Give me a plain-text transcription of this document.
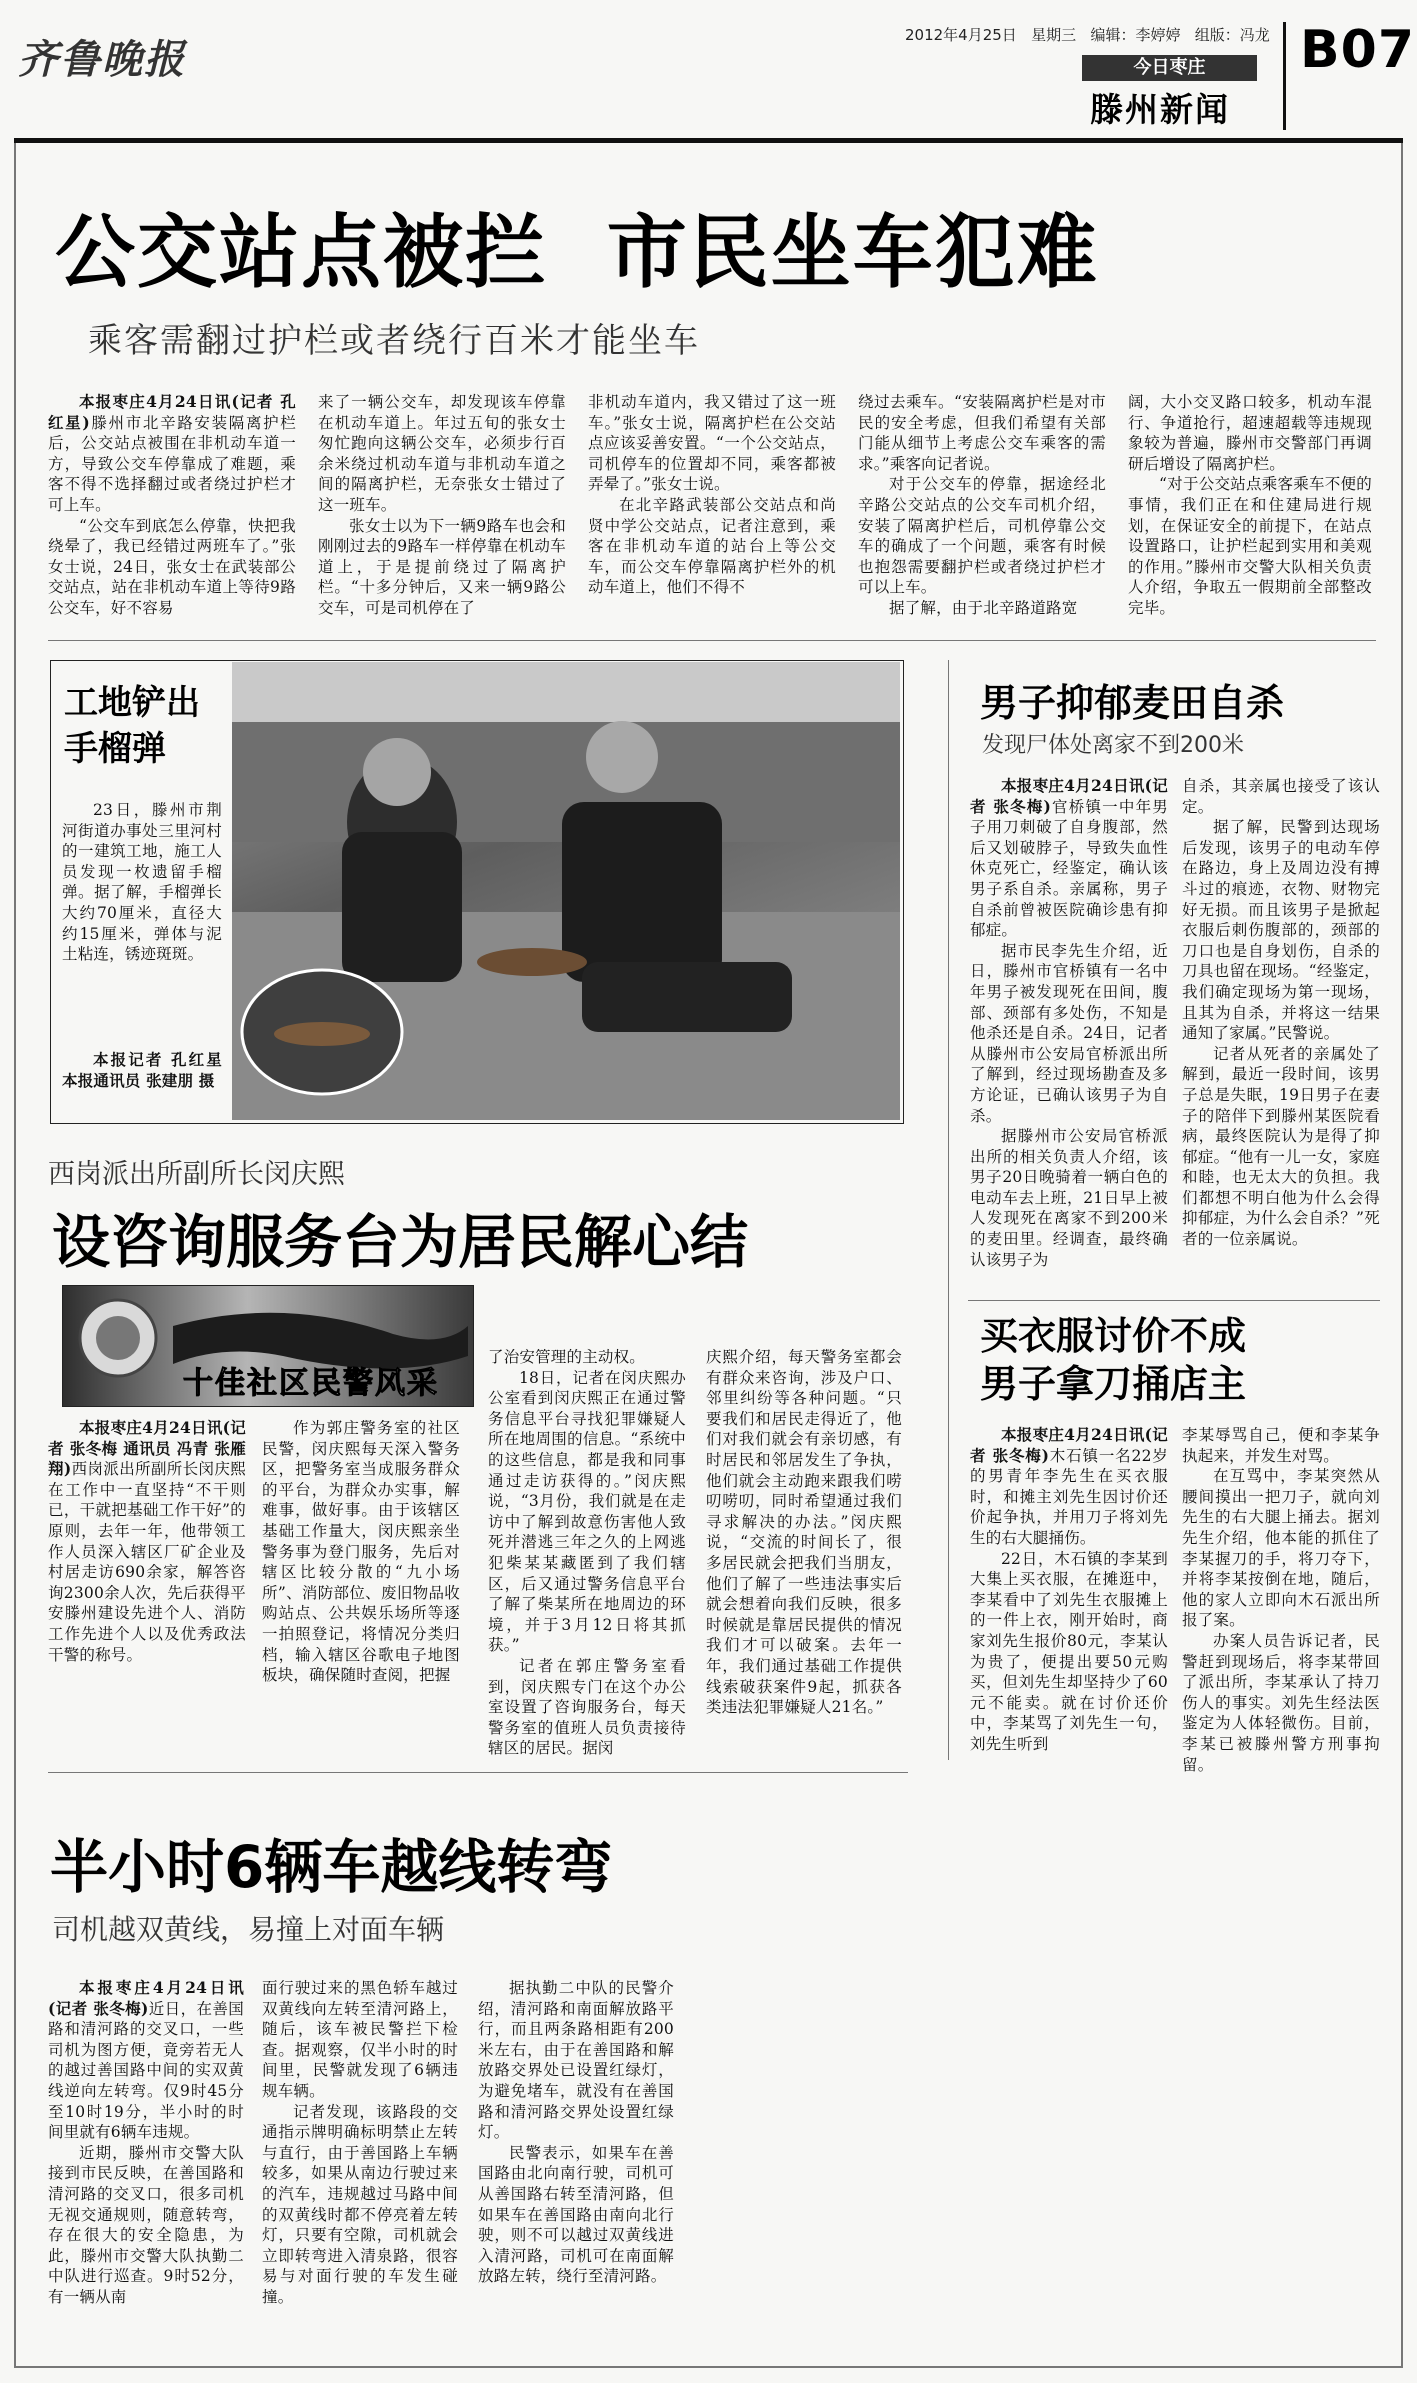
齐鲁晚报
2012年4月25日 星期三 编辑：李婷婷 组版：冯龙
今日枣庄
滕州新闻
B07
公交站点被拦  市民坐车犯难
乘客需翻过护栏或者绕行百米才能坐车

本报枣庄4月24日讯(记者 孔红星)滕州市北辛路安装隔离护栏后，公交站点被围在非机动车道一方，导致公交车停靠成了难题，乘客不得不选择翻过或者绕过护栏才可上车。

“公交车到底怎么停靠，快把我绕晕了，我已经错过两班车了。”张女士说，24日，张女士在武装部公交站点，站在非机动车道上等待9路公交车，好不容易

来了一辆公交车，却发现该车停靠在机动车道上。年过五旬的张女士匆忙跑向这辆公交车，必须步行百余米绕过机动车道与非机动车道之间的隔离护栏，无奈张女士错过了这一班车。

张女士以为下一辆9路车也会和刚刚过去的9路车一样停靠在机动车道上，于是提前绕过了隔离护栏。“十多分钟后，又来一辆9路公交车，可是司机停在了

非机动车道内，我又错过了这一班车。”张女士说，隔离护栏在公交站点应该妥善安置。“一个公交站点，司机停车的位置却不同，乘客都被弄晕了。”张女士说。

在北辛路武装部公交站点和尚贤中学公交站点，记者注意到，乘客在非机动车道的站台上等公交车，而公交车停靠隔离护栏外的机动车道上，他们不得不

绕过去乘车。“安装隔离护栏是对市民的安全考虑，但我们希望有关部门能从细节上考虑公交车乘客的需求。”乘客向记者说。

对于公交车的停靠，据途经北辛路公交站点的公交车司机介绍，安装了隔离护栏后，司机停靠公交车的确成了一个问题，乘客有时候也抱怨需要翻护栏或者绕过护栏才可以上车。

据了解，由于北辛路道路宽

阔，大小交叉路口较多，机动车混行、争道抢行，超速超载等违规现象较为普遍，滕州市交警部门再调研后增设了隔离护栏。

“对于公交站点乘客乘车不便的事情，我们正在和住建局进行规划，在保证安全的前提下，在站点设置路口，让护栏起到实用和美观的作用。”滕州市交警大队相关负责人介绍，争取五一假期前全部整改完毕。

工地铲出
手榴弹

23日，滕州市荆河街道办事处三里河村的一建筑工地，施工人员发现一枚遗留手榴弹。据了解，手榴弹长大约70厘米，直径大约15厘米，弹体与泥土粘连，锈迹斑斑。

本报记者 孔红星 本报通讯员 张建朋 摄

西岗派出所副所长闵庆熙
设咨询服务台为居民解心结
十佳社区民警风采

本报枣庄4月24日讯(记者 张冬梅 通讯员 冯青 张雁翔)西岗派出所副所长闵庆熙在工作中一直坚持“不干则已，干就把基础工作干好”的原则，去年一年，他带领工作人员深入辖区厂矿企业及村居走访690余家，解答咨询2300余人次，先后获得平安滕州建设先进个人、消防工作先进个人以及优秀政法干警的称号。

作为郭庄警务室的社区民警，闵庆熙每天深入警务区，把警务室当成服务群众的平台，为群众办实事，解难事，做好事。由于该辖区基础工作量大，闵庆熙亲坐警务事为登门服务，先后对辖区比较分散的“九小场所”、消防部位、废旧物品收购站点、公共娱乐场所等逐一拍照登记，将情况分类归档，输入辖区谷歌电子地图板块，确保随时查阅，把握

了治安管理的主动权。

18日，记者在闵庆熙办公室看到闵庆熙正在通过警务信息平台寻找犯罪嫌疑人所在地周围的信息。“系统中的这些信息，都是我和同事通过走访获得的。”闵庆熙说，“3月份，我们就是在走访中了解到故意伤害他人致死并潜逃三年之久的上网逃犯柴某某藏匿到了我们辖区，后又通过警务信息平台了解了柴某所在地周边的环境，并于3月12日将其抓获。”

记者在郭庄警务室看到，闵庆熙专门在这个办公室设置了咨询服务台，每天警务室的值班人员负责接待辖区的居民。据闵

庆熙介绍，每天警务室都会有群众来咨询，涉及户口、邻里纠纷等各种问题。“只要我们和居民走得近了，他们对我们就会有亲切感，有时居民和邻居发生了争执，他们就会主动跑来跟我们唠叨唠叨，同时希望通过我们寻求解决的办法。”闵庆熙说，“交流的时间长了，很多居民就会把我们当朋友，他们了解了一些违法事实后就会想着向我们反映，很多时候就是靠居民提供的情况我们才可以破案。去年一年，我们通过基础工作提供线索破获案件9起，抓获各类违法犯罪嫌疑人21名。”

男子抑郁麦田自杀
发现尸体处离家不到200米

本报枣庄4月24日讯(记者 张冬梅)官桥镇一中年男子用刀刺破了自身腹部，然后又划破脖子，导致失血性休克死亡，经鉴定，确认该男子系自杀。亲属称，男子自杀前曾被医院确诊患有抑郁症。

据市民李先生介绍，近日，滕州市官桥镇有一名中年男子被发现死在田间，腹部、颈部有多处伤，不知是他杀还是自杀。24日，记者从滕州市公安局官桥派出所了解到，经过现场勘查及多方论证，已确认该男子为自杀。

据滕州市公安局官桥派出所的相关负责人介绍，该男子20日晚骑着一辆白色的电动车去上班，21日早上被人发现死在离家不到200米的麦田里。经调查，最终确认该男子为

自杀，其亲属也接受了该认定。

据了解，民警到达现场后发现，该男子的电动车停在路边，身上及周边没有搏斗过的痕迹，衣物、财物完好无损。而且该男子是掀起衣服后刺伤腹部的，颈部的刀口也是自身划伤，自杀的刀具也留在现场。“经鉴定，我们确定现场为第一现场，且其为自杀，并将这一结果通知了家属。”民警说。

记者从死者的亲属处了解到，最近一段时间，该男子总是失眠，19日男子在妻子的陪伴下到滕州某医院看病，最终医院认为是得了抑郁症。“他有一儿一女，家庭和睦，也无太大的负担。我们都想不明白他为什么会得抑郁症，为什么会自杀？”死者的一位亲属说。

买衣服讨价不成
男子拿刀捅店主

本报枣庄4月24日讯(记者 张冬梅)木石镇一名22岁的男青年李先生在买衣服时，和摊主刘先生因讨价还价起争执，并用刀子将刘先生的右大腿捅伤。

22日，木石镇的李某到大集上买衣服，在摊逛中，李某看中了刘先生衣服摊上的一件上衣，刚开始时，商家刘先生报价80元，李某认为贵了，便提出要50元购买，但刘先生却坚持少了60元不能卖。就在讨价还价中，李某骂了刘先生一句，刘先生听到

李某辱骂自己，便和李某争执起来，并发生对骂。

在互骂中，李某突然从腰间摸出一把刀子，就向刘先生的右大腿上捅去。据刘先生介绍，他本能的抓住了李某握刀的手，将刀夺下，并将李某按倒在地，随后，他的家人立即向木石派出所报了案。

办案人员告诉记者，民警赶到现场后，将李某带回了派出所，李某承认了持刀伤人的事实。刘先生经法医鉴定为人体轻微伤。目前，李某已被滕州警方刑事拘留。

半小时6辆车越线转弯
司机越双黄线，易撞上对面车辆

本报枣庄4月24日讯(记者 张冬梅)近日，在善国路和清河路的交叉口，一些司机为图方便，竟旁若无人的越过善国路中间的实双黄线逆向左转弯。仅9时45分至10时19分，半小时的时间里就有6辆车违规。

近期，滕州市交警大队接到市民反映，在善国路和清河路的交叉口，很多司机无视交通规则，随意转弯，存在很大的安全隐患，为此，滕州市交警大队执勤二中队进行巡查。9时52分，有一辆从南

面行驶过来的黑色轿车越过双黄线向左转至清河路上，随后，该车被民警拦下检查。据观察，仅半小时的时间里，民警就发现了6辆违规车辆。

记者发现，该路段的交通指示牌明确标明禁止左转与直行，由于善国路上车辆较多，如果从南边行驶过来的汽车，违规越过马路中间的双黄线时都不停亮着左转灯，只要有空隙，司机就会立即转弯进入清泉路，很容易与对面行驶的车发生碰撞。

据执勤二中队的民警介绍，清河路和南面解放路平行，而且两条路相距有200米左右，由于在善国路和解放路交界处已设置红绿灯，为避免堵车，就没有在善国路和清河路交界处设置红绿灯。

民警表示，如果车在善国路由北向南行驶，司机可从善国路右转至清河路，但如果车在善国路由南向北行驶，则不可以越过双黄线进入清河路，司机可在南面解放路左转，绕行至清河路。
